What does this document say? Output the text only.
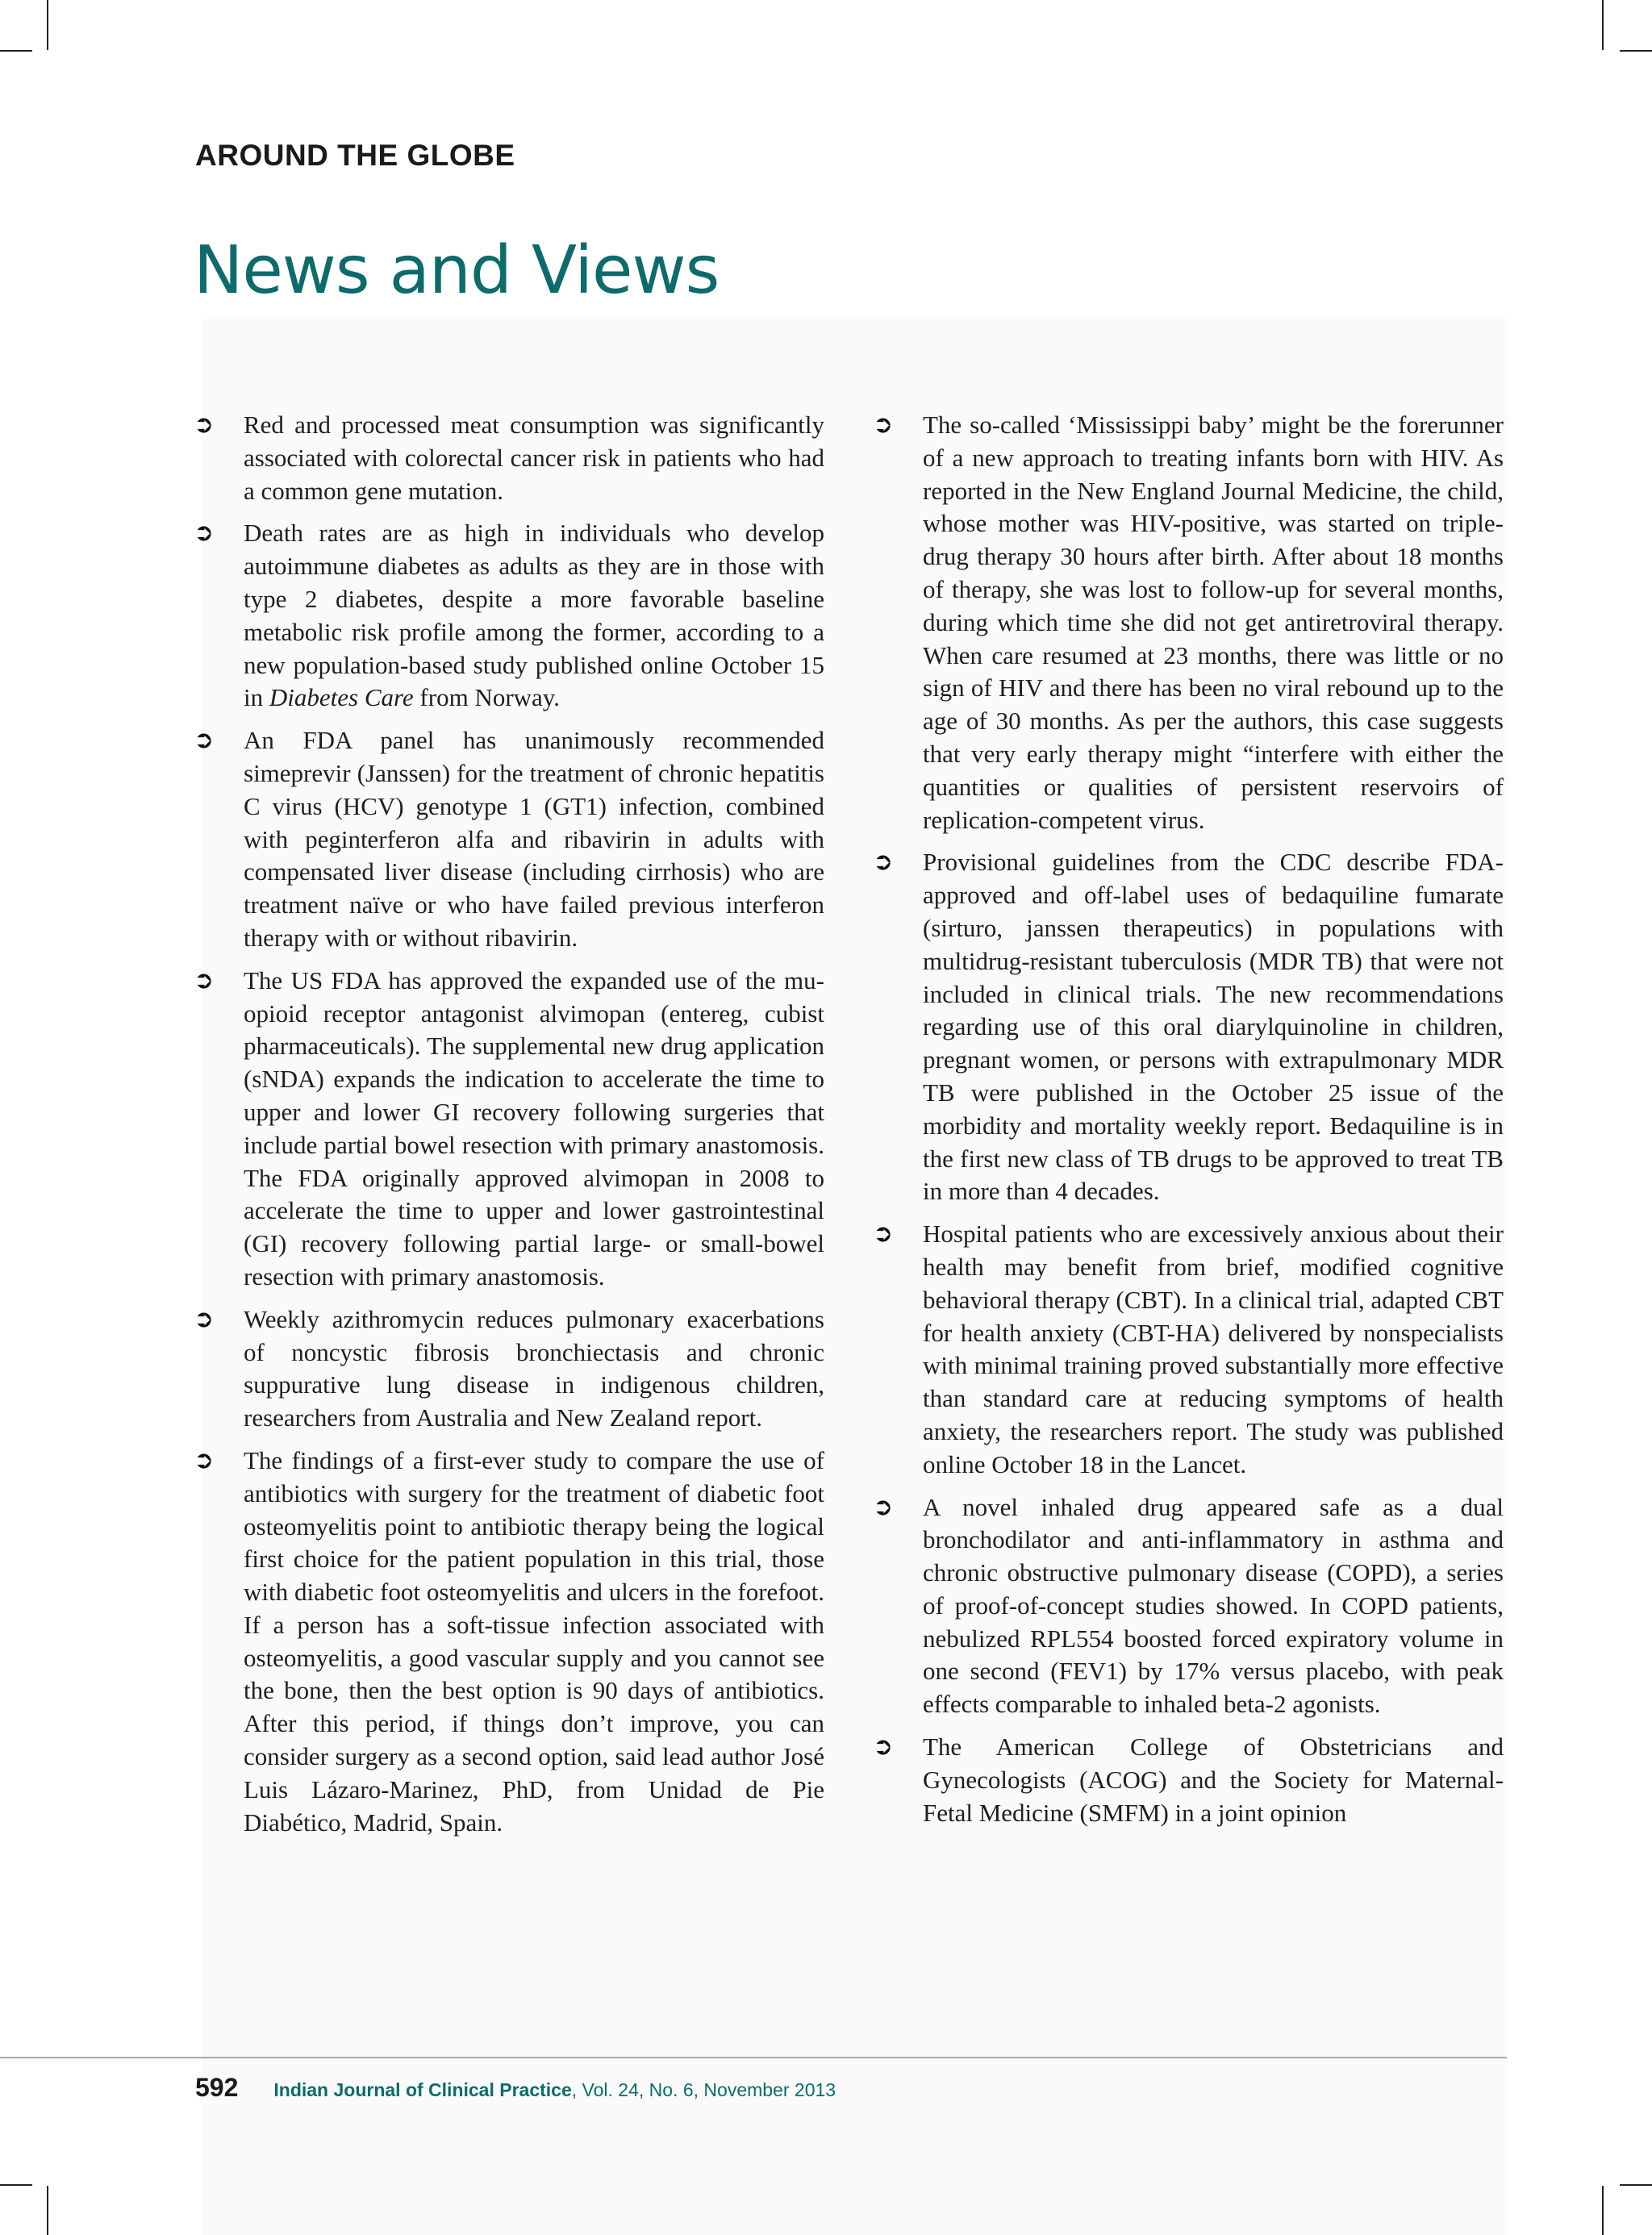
AROUND THE GLOBE
News and Views
➲ Red and processed meat consumption was significantly associated with colorectal cancer risk in patients who had a common gene mutation.

➲ Death rates are as high in individuals who develop autoimmune diabetes as adults as they are in those with type 2 diabetes, despite a more favorable baseline metabolic risk profile among the former, according to a new population-based study published online October 15 in Diabetes Care from Norway.

➲ An FDA panel has unanimously recommended simeprevir (Janssen) for the treatment of chronic hepatitis C virus (HCV) genotype 1 (GT1) infection, combined with peginterferon alfa and ribavirin in adults with compensated liver disease (including cirrhosis) who are treatment naïve or who have failed previous interferon therapy with or without ribavirin.

➲ The US FDA has approved the expanded use of the mu-opioid receptor antagonist alvimopan (entereg, cubist pharmaceuticals). The supplemental new drug application (sNDA) expands the indication to accelerate the time to upper and lower GI recovery following surgeries that include partial bowel resection with primary anastomosis. The FDA originally approved alvimopan in 2008 to accelerate the time to upper and lower gastrointestinal (GI) recovery following partial large- or small-bowel resection with primary anastomosis.

➲ Weekly azithromycin reduces pulmonary exacerbations of noncystic fibrosis bronchiectasis and chronic suppurative lung disease in indigenous children, researchers from Australia and New Zealand report.

➲ The findings of a first-ever study to compare the use of antibiotics with surgery for the treatment of diabetic foot osteomyelitis point to antibiotic therapy being the logical first choice for the patient population in this trial, those with diabetic foot osteomyelitis and ulcers in the forefoot. If a person has a soft-tissue infection associated with osteomyelitis, a good vascular supply and you cannot see the bone, then the best option is 90 days of antibiotics. After this period, if things don’t improve, you can consider surgery as a second option, said lead author José Luis Lázaro-Marinez, PhD, from Unidad de Pie Diabético, Madrid, Spain.

➲ The so-called ‘Mississippi baby’ might be the forerunner of a new approach to treating infants born with HIV. As reported in the New England Journal Medicine, the child, whose mother was HIV-positive, was started on triple-drug therapy 30 hours after birth. After about 18 months of therapy, she was lost to follow-up for several months, during which time she did not get antiretroviral therapy. When care resumed at 23 months, there was little or no sign of HIV and there has been no viral rebound up to the age of 30 months. As per the authors, this case suggests that very early therapy might “interfere with either the quantities or qualities of persistent reservoirs of replication-competent virus.

➲ Provisional guidelines from the CDC describe FDA-approved and off-label uses of bedaquiline fumarate (sirturo, janssen therapeutics) in populations with multidrug-resistant tuberculosis (MDR TB) that were not included in clinical trials. The new recommendations regarding use of this oral diarylquinoline in children, pregnant women, or persons with extrapulmonary MDR TB were published in the October 25 issue of the morbidity and mortality weekly report. Bedaquiline is in the first new class of TB drugs to be approved to treat TB in more than 4 decades.

➲ Hospital patients who are excessively anxious about their health may benefit from brief, modified cognitive behavioral therapy (CBT). In a clinical trial, adapted CBT for health anxiety (CBT-HA) delivered by nonspecialists with minimal training proved substantially more effective than standard care at reducing symptoms of health anxiety, the researchers report. The study was published online October 18 in the Lancet.

➲ A novel inhaled drug appeared safe as a dual bronchodilator and anti-inflammatory in asthma and chronic obstructive pulmonary disease (COPD), a series of proof-of-concept studies showed. In COPD patients, nebulized RPL554 boosted forced expiratory volume in one second (FEV1) by 17% versus placebo, with peak effects comparable to inhaled beta-2 agonists.

➲ The American College of Obstetricians and Gynecologists (ACOG) and the Society for Maternal-Fetal Medicine (SMFM) in a joint opinion

592 Indian Journal of Clinical Practice, Vol. 24, No. 6, November 2013
